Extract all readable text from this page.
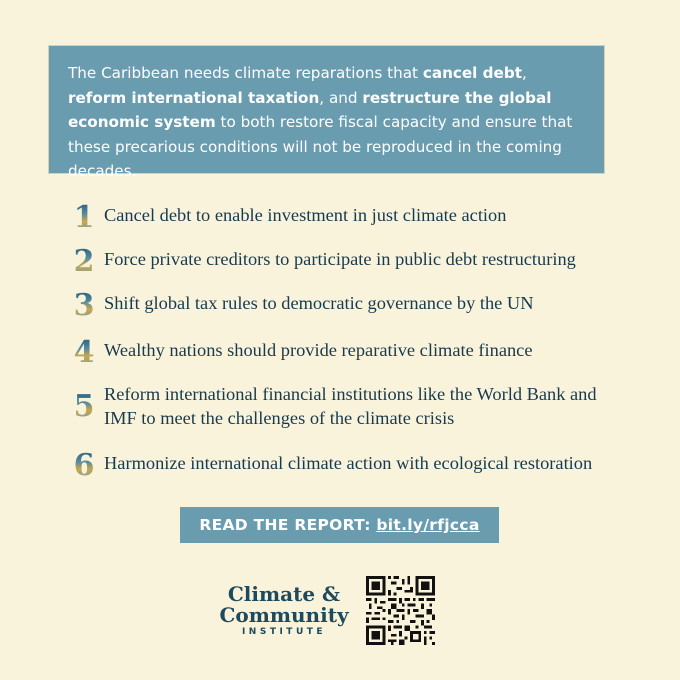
The Caribbean needs climate reparations that cancel debt, reform international taxation, and restructure the global economic system to both restore fiscal capacity and ensure that these precarious conditions will not be reproduced in the coming decades.
1 Cancel debt to enable investment in just climate action
2 Force private creditors to participate in public debt restructuring
3 Shift global tax rules to democratic governance by the UN
4 Wealthy nations should provide reparative climate finance
5 Reform international financial institutions like the World Bank and IMF to meet the challenges of the climate crisis
6 Harmonize international climate action with ecological restoration
READ THE REPORT: bit.ly/rfjcca
Climate &
Community
INSTITUTE
